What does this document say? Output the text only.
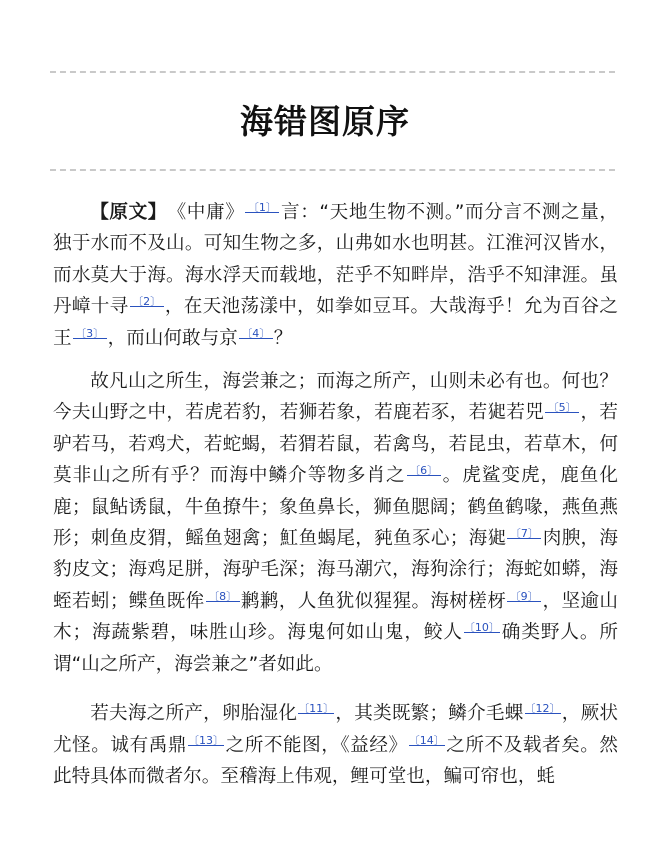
海错图原序

【原文】　《中庸》 〔1〕 言：“天地生物不测。”而分言不测之量，独于水而不及山。可知生物之多，山弗如水也明甚。江淮河汉皆水，而水莫大于海。海水浮天而载地，茫乎不知畔岸，浩乎不知津涯。虽丹嶂十寻 〔2〕 ，在天池荡漾中，如拳如豆耳。大哉海乎！允为百谷之王 〔3〕 ，而山何敢与京 〔4〕 ？

故凡山之所生，海尝兼之；而海之所产，山则未必有也。何也？今夫山野之中，若虎若豹，若狮若象，若鹿若豕，若𤠳若兕 〔5〕 ，若驴若马，若鸡犬，若蛇蝎，若猬若鼠，若禽鸟，若昆虫，若草木，何莫非山之所有乎？而海中鳞介等物多肖之 〔6〕 。虎鲨变虎，鹿鱼化鹿；鼠鲇诱鼠，牛鱼撩牛；象鱼鼻长，狮鱼腮阔；鹤鱼鹤喙，燕鱼燕形；刺鱼皮猬，鳐鱼翅禽；魟鱼蝎尾，豘鱼豕心；海𤠳 〔7〕 肉腴，海豹皮文；海鸡足胼，海驴毛深；海马潮穴，海狗涂行；海蛇如蟒，海蛭若蚓；鲽鱼既侔 〔8〕 鹣鹣，人鱼犹似猩猩。海树槎枒 〔9〕 ，坚逾山木；海蔬紫碧，味胜山珍。海鬼何如山鬼，鲛人〔10〕确类野人。所谓“山之所产，海尝兼之”者如此。

若夫海之所产，卵胎湿化〔11〕，其类既繁；鳞介毛蜾〔12〕，厥状尤怪。诚有禹鼎〔13〕之所不能图，《益经》〔14〕之所不及载者矣。然此特具体而微者尔。至稽海上伟观，鲤可堂也，鳊可帘也，蚝
